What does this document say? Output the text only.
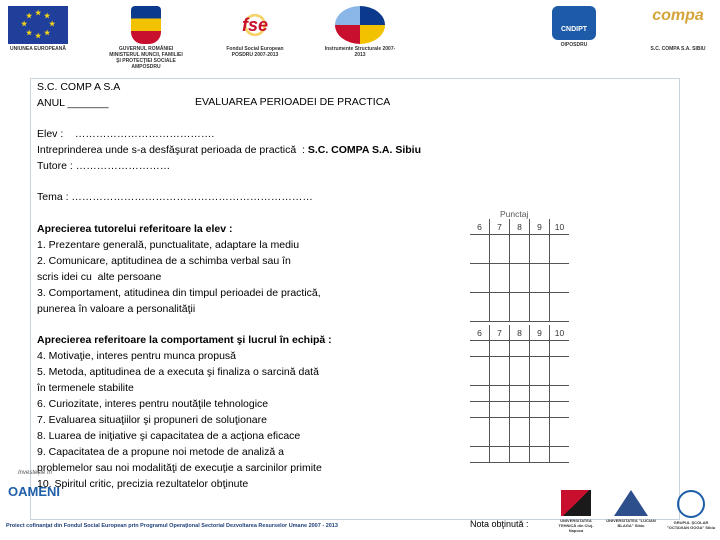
★ ★
★
★
★
★
★
★
UNIUNEA EUROPEANĂ	GUVERNUL ROMÂNIEI MINISTERUL MUNCII, FAMILIEI ŞI PROTECŢIEI SOCIALE AMPOSDRU
fse
Fondul Social European POSDRU 2007-2013
Instrumente Structurale 2007-2013
CNDIPT
OIPOSDRU
compa
S.C. COMPA S.A. SIBIU
S.C. COMP A S.A
ANUL _______	EVALUAREA PERIOADEI DE PRACTICA
Elev :    ………………………………….
Intreprinderea unde s-a desfăşurat perioada de practică  : S.C. COMPA S.A. Sibiu
Tutore : ………………………
Tema : ……………………………………………………………
Aprecierea tutorelui referitoare la elev :
1. Prezentare generală, punctualitate, adaptare la mediu
2. Comunicare, aptitudinea de a schimba verbal sau în
scris idei cu  alte persoane
3. Comportament, atitudinea din timpul perioadei de practică,
punerea în valoare a personalităţii
Aprecierea referitoare la comportament şi lucrul în echipă :
4. Motivaţie, interes pentru munca propusă
5. Metoda, aptitudinea de a executa şi finaliza o sarcină dată
în termenele stabilite
6. Curiozitate, interes pentru noutăţile tehnologice
7. Evaluarea situaţiilor şi propuneri de soluţionare
8. Luarea de iniţiative şi capacitatea de a acţiona eficace
9. Capacitatea de a propune noi metode de analiză a
problemelor sau noi modalităţi de execuţie a sarcinilor primite
10. Spiritul critic, precizia rezultatelor obţinute
Punctaj
6	7	8	9	10

6	7	8	9	10

Investește în
OAMENI
Proiect cofinanţat din Fondul Social European prin Programul Operaţional Sectorial Dezvoltarea Resurselor Umane 2007 - 2013	Nota obţinută :	UNIVERSITATEA TEHNICĂ din Cluj-Napoca
UNIVERSITATEA "LUCIAN BLAGA" Sibiu
GRUPUL ŞCOLAR "OCTAVIAN GOGA" Sibiu
